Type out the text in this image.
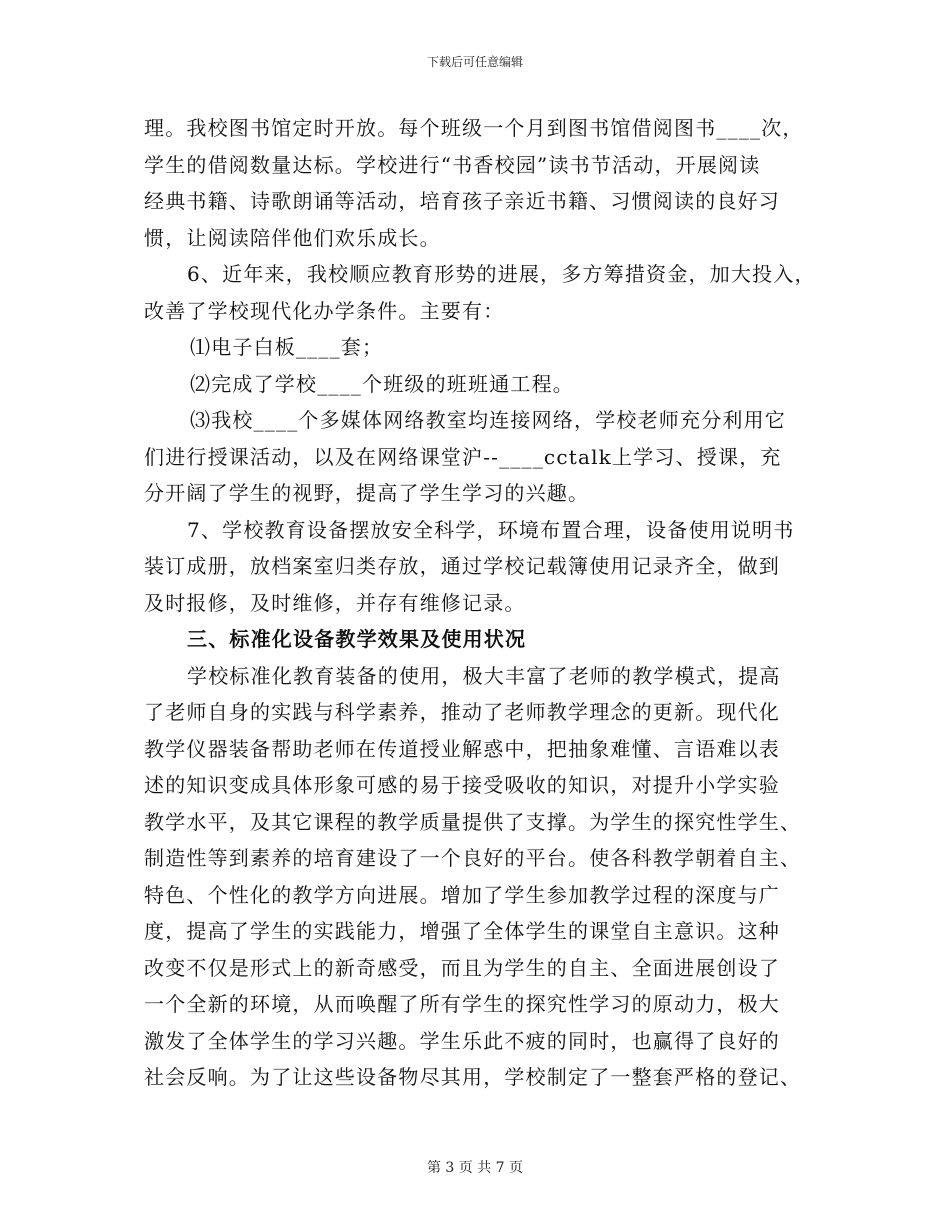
下载后可任意编辑
理。我校图书馆定时开放。每个班级一个月到图书馆借阅图书____次，
学生的借阅数量达标。学校进行“书香校园”读书节活动，开展阅读
经典书籍、诗歌朗诵等活动，培育孩子亲近书籍、习惯阅读的良好习
惯，让阅读陪伴他们欢乐成长。
6、近年来，我校顺应教育形势的进展，多方筹措资金，加大投入，
改善了学校现代化办学条件。主要有：
⑴电子白板____套；
⑵完成了学校____个班级的班班通工程。
⑶我校____个多媒体网络教室均连接网络，学校老师充分利用它
们进行授课活动，以及在网络课堂沪--____cctalk上学习、授课，充
分开阔了学生的视野，提高了学生学习的兴趣。
7、学校教育设备摆放安全科学，环境布置合理，设备使用说明书
装订成册，放档案室归类存放，通过学校记载簿使用记录齐全，做到
及时报修，及时维修，并存有维修记录。
三、标准化设备教学效果及使用状况
学校标准化教育装备的使用，极大丰富了老师的教学模式，提高
了老师自身的实践与科学素养，推动了老师教学理念的更新。现代化
教学仪器装备帮助老师在传道授业解惑中，把抽象难懂、言语难以表
述的知识变成具体形象可感的易于接受吸收的知识，对提升小学实验
教学水平，及其它课程的教学质量提供了支撑。为学生的探究性学生、
制造性等到素养的培育建设了一个良好的平台。使各科教学朝着自主、
特色、个性化的教学方向进展。增加了学生参加教学过程的深度与广
度，提高了学生的实践能力，增强了全体学生的课堂自主意识。这种
改变不仅是形式上的新奇感受，而且为学生的自主、全面进展创设了
一个全新的环境，从而唤醒了所有学生的探究性学习的原动力，极大
激发了全体学生的学习兴趣。学生乐此不疲的同时，也赢得了良好的
社会反响。为了让这些设备物尽其用，学校制定了一整套严格的登记、
第 3 页 共 7 页
